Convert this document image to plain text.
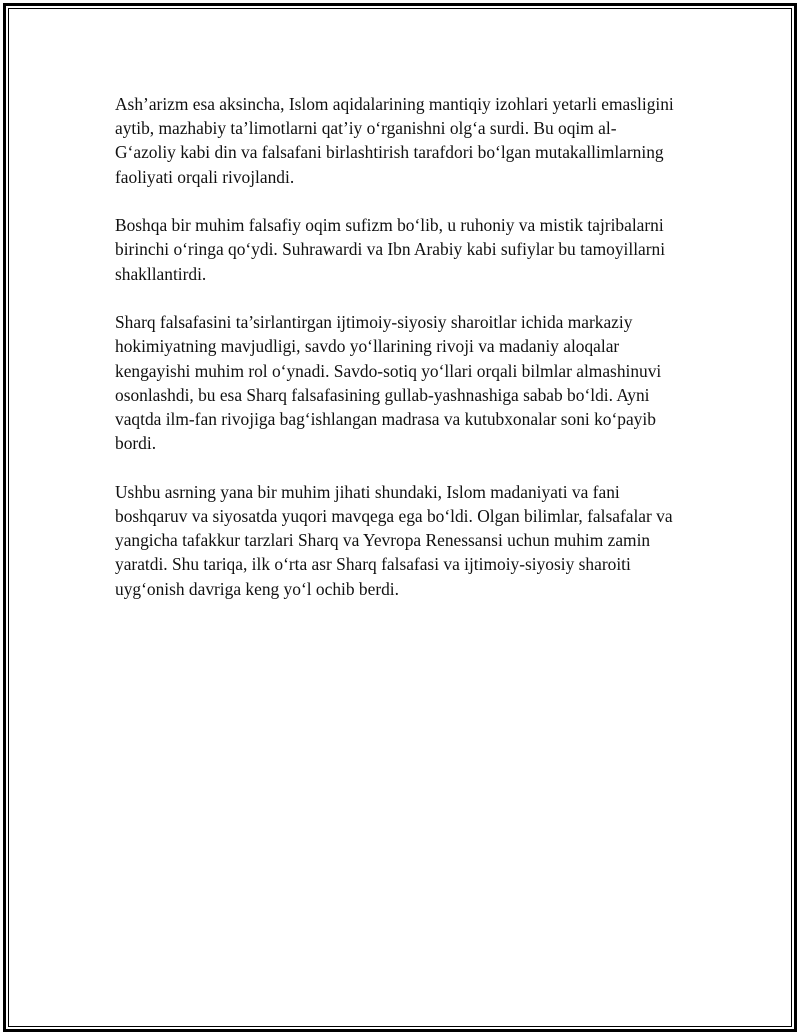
Ash’arizm esa aksincha, Islom aqidalarining mantiqiy izohlari yetarli emasligini aytib, mazhabiy ta’limotlarni qat’iy o‘rganishni olg‘a surdi. Bu oqim al-G‘azoliy kabi din va falsafani birlashtirish tarafdori bo‘lgan mutakallimlarning faoliyati orqali rivojlandi.

Boshqa bir muhim falsafiy oqim sufizm bo‘lib, u ruhoniy va mistik tajribalarni birinchi o‘ringa qo‘ydi. Suhrawardi va Ibn Arabiy kabi sufiylar bu tamoyillarni shakllantirdi.

Sharq falsafasini ta’sirlantirgan ijtimoiy-siyosiy sharoitlar ichida markaziy hokimiyatning mavjudligi, savdo yo‘llarining rivoji va madaniy aloqalar kengayishi muhim rol o‘ynadi. Savdo-sotiq yo‘llari orqali bilmlar almashinuvi osonlashdi, bu esa Sharq falsafasining gullab-yashnashiga sabab bo‘ldi. Ayni vaqtda ilm-fan rivojiga bag‘ishlangan madrasa va kutubxonalar soni ko‘payib bordi.

Ushbu asrning yana bir muhim jihati shundaki, Islom madaniyati va fani boshqaruv va siyosatda yuqori mavqega ega bo‘ldi. Olgan bilimlar, falsafalar va yangicha tafakkur tarzlari Sharq va Yevropa Renessansi uchun muhim zamin yaratdi. Shu tariqa, ilk o‘rta asr Sharq falsafasi va ijtimoiy-siyosiy sharoiti uyg‘onish davriga keng yo‘l ochib berdi.
